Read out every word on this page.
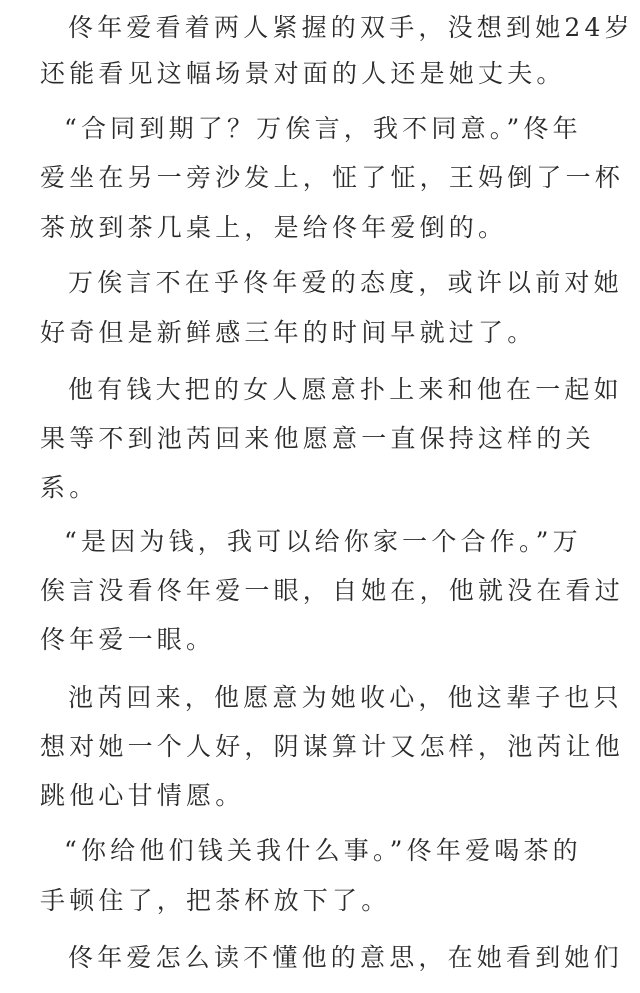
佟年爱看着两人紧握的双手，没想到她24岁
还能看见这幅场景对面的人还是她丈夫。
“合同到期了？万俟言，我不同意。”佟年
爱坐在另一旁沙发上，怔了怔，王妈倒了一杯
茶放到茶几桌上，是给佟年爱倒的。
万俟言不在乎佟年爱的态度，或许以前对她
好奇但是新鲜感三年的时间早就过了。
他有钱大把的女人愿意扑上来和他在一起如
果等不到池芮回来他愿意一直保持这样的关
系。
“是因为钱，我可以给你家一个合作。”万
俟言没看佟年爱一眼，自她在，他就没在看过
佟年爱一眼。
池芮回来，他愿意为她收心，他这辈子也只
想对她一个人好，阴谋算计又怎样，池芮让他
跳他心甘情愿。
“你给他们钱关我什么事。”佟年爱喝茶的
手顿住了，把茶杯放下了。
佟年爱怎么读不懂他的意思，在她看到她们
